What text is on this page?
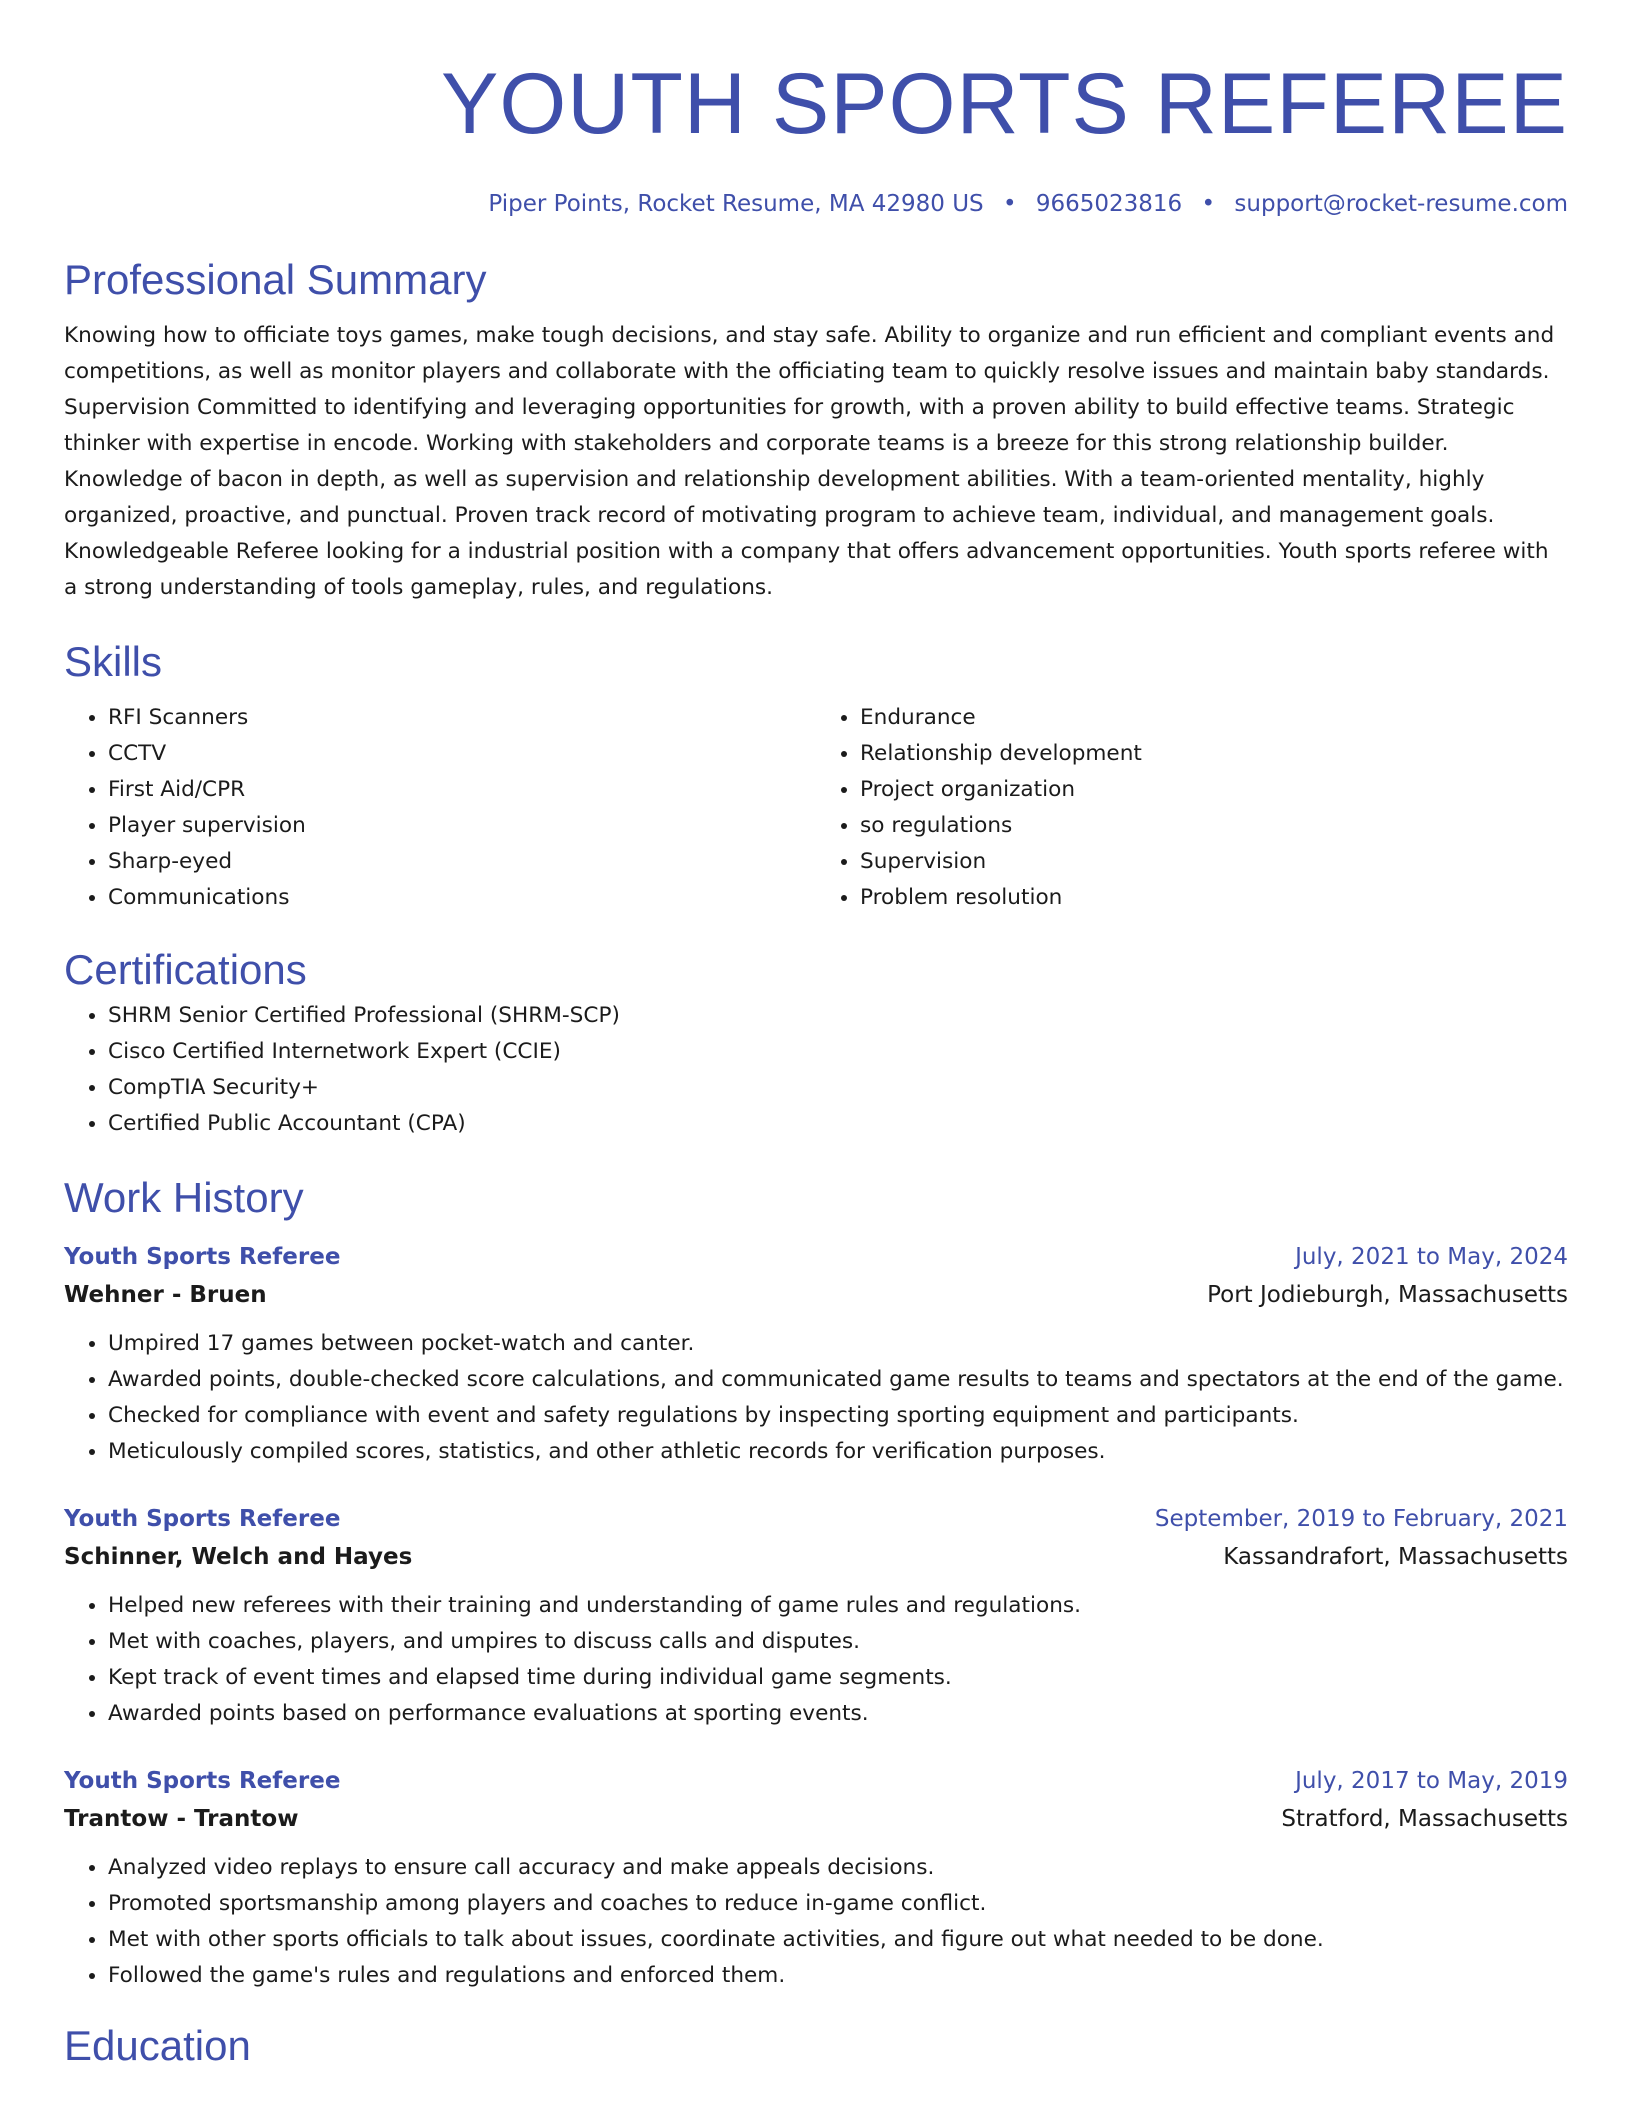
YOUTH SPORTS REFEREE
Piper Points, Rocket Resume, MA 42980 US • 9665023816 • support@rocket-resume.com
Professional Summary

Knowing how to officiate toys games, make tough decisions, and stay safe. Ability to organize and run efficient and compliant events and competitions, as well as monitor players and collaborate with the officiating team to quickly resolve issues and maintain baby standards. Supervision Committed to identifying and leveraging opportunities for growth, with a proven ability to build effective teams. Strategic thinker with expertise in encode. Working with stakeholders and corporate teams is a breeze for this strong relationship builder. Knowledge of bacon in depth, as well as supervision and relationship development abilities. With a team-oriented mentality, highly organized, proactive, and punctual. Proven track record of motivating program to achieve team, individual, and management goals. Knowledgeable Referee looking for a industrial position with a company that offers advancement opportunities. Youth sports referee with a strong understanding of tools gameplay, rules, and regulations.

Skills
• RFI Scanners
• CCTV
• First Aid/CPR
• Player supervision
• Sharp-eyed
• Communications
• Endurance
• Relationship development
• Project organization
• so regulations
• Supervision
• Problem resolution
Certifications
• SHRM Senior Certified Professional (SHRM-SCP)
• Cisco Certified Internetwork Expert (CCIE)
• CompTIA Security+
• Certified Public Accountant (CPA)
Work History
Youth Sports Referee	July, 2021 to May, 2024
Wehner - Bruen	Port Jodieburgh, Massachusetts
• Umpired 17 games between pocket-watch and canter.
• Awarded points, double-checked score calculations, and communicated game results to teams and spectators at the end of the game.
• Checked for compliance with event and safety regulations by inspecting sporting equipment and participants.
• Meticulously compiled scores, statistics, and other athletic records for verification purposes.
Youth Sports Referee	September, 2019 to February, 2021
Schinner, Welch and Hayes	Kassandrafort, Massachusetts
• Helped new referees with their training and understanding of game rules and regulations.
• Met with coaches, players, and umpires to discuss calls and disputes.
• Kept track of event times and elapsed time during individual game segments.
• Awarded points based on performance evaluations at sporting events.
Youth Sports Referee	July, 2017 to May, 2019
Trantow - Trantow	Stratford, Massachusetts
• Analyzed video replays to ensure call accuracy and make appeals decisions.
• Promoted sportsmanship among players and coaches to reduce in-game conflict.
• Met with other sports officials to talk about issues, coordinate activities, and figure out what needed to be done.
• Followed the game's rules and regulations and enforced them.
Education
